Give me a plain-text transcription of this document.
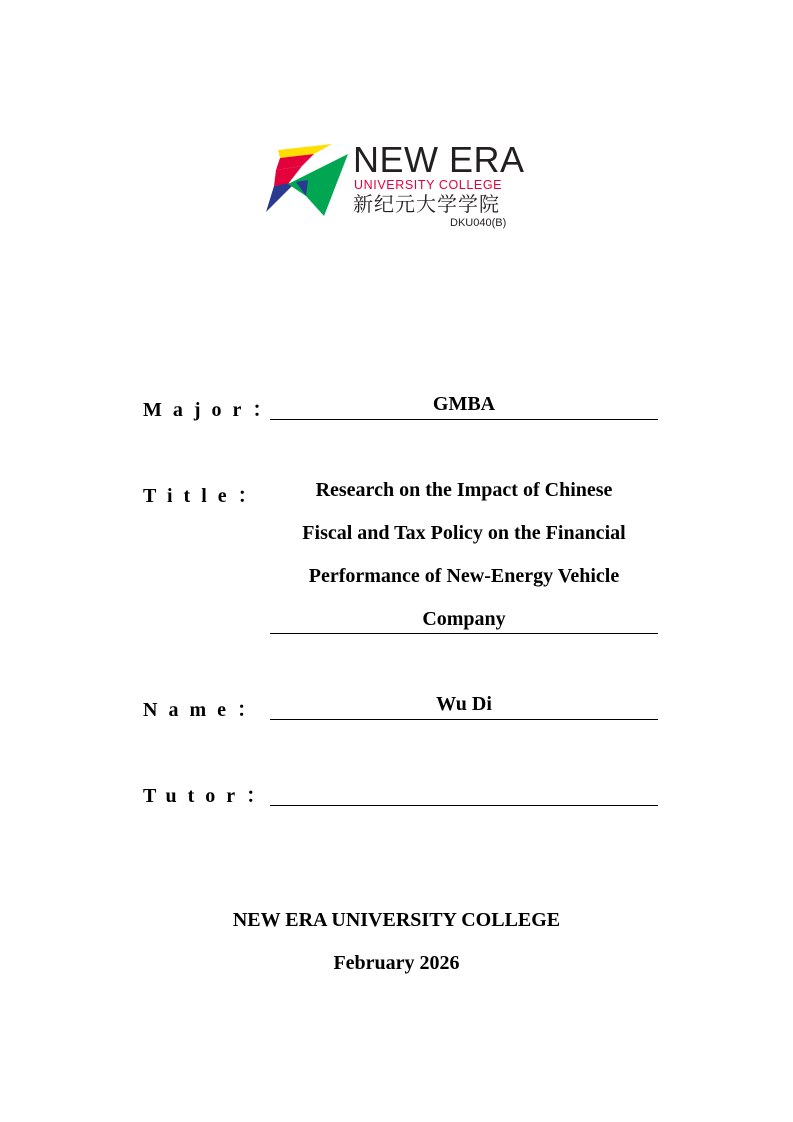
NEW ERA
UNIVERSITY COLLEGE
新纪元大学学院
DKU040(B)
Major：	GMBA
Title：	Research on the Impact of Chinese
Fiscal and Tax Policy on the Financial
Performance of New-Energy Vehicle
Company
Name：	Wu Di
Tutor：
NEW ERA UNIVERSITY COLLEGE
February 2026
